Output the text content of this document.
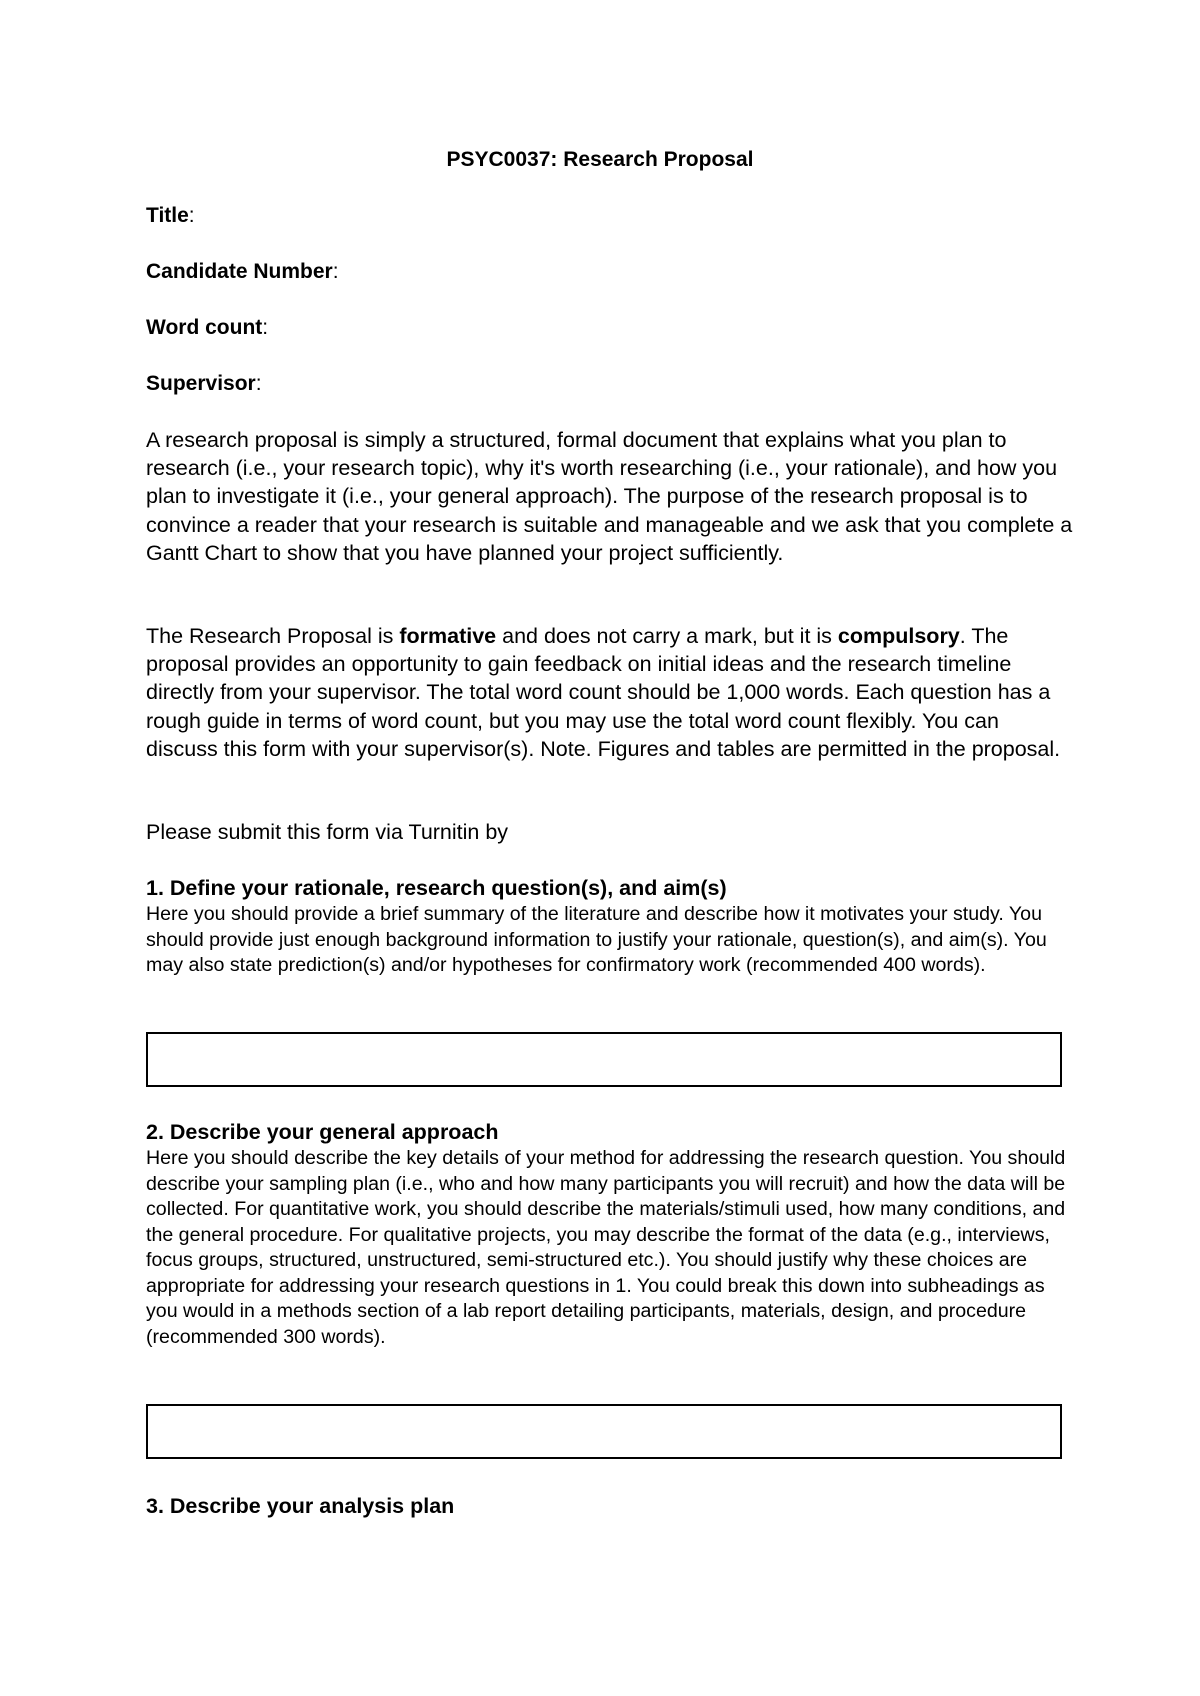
PSYC0037: Research Proposal
Title:
Candidate Number:
Word count:
Supervisor:

A research proposal is simply a structured, formal document that explains what you plan to research (i.e., your research topic), why it's worth researching (i.e., your rationale), and how you plan to investigate it (i.e., your general approach). The purpose of the research proposal is to convince a reader that your research is suitable and manageable and we ask that you complete a Gantt Chart to show that you have planned your project sufficiently.

The Research Proposal is formative and does not carry a mark, but it is compulsory. The proposal provides an opportunity to gain feedback on initial ideas and the research timeline directly from your supervisor. The total word count should be 1,000 words. Each question has a rough guide in terms of word count, but you may use the total word count flexibly. You can discuss this form with your supervisor(s). Note. Figures and tables are permitted in the proposal.

Please submit this form via Turnitin by

1. Define your rationale, research question(s), and aim(s)

Here you should provide a brief summary of the literature and describe how it motivates your study. You should provide just enough background information to justify your rationale, question(s), and aim(s). You may also state prediction(s) and/or hypotheses for confirmatory work (recommended 400 words).

2. Describe your general approach

Here you should describe the key details of your method for addressing the research question. You should describe your sampling plan (i.e., who and how many participants you will recruit) and how the data will be collected. For quantitative work, you should describe the materials/stimuli used, how many conditions, and the general procedure. For qualitative projects, you may describe the format of the data (e.g., interviews, focus groups, structured, unstructured, semi-structured etc.). You should justify why these choices are appropriate for addressing your research questions in 1. You could break this down into subheadings as you would in a methods section of a lab report detailing participants, materials, design, and procedure (recommended 300 words).

3. Describe your analysis plan
